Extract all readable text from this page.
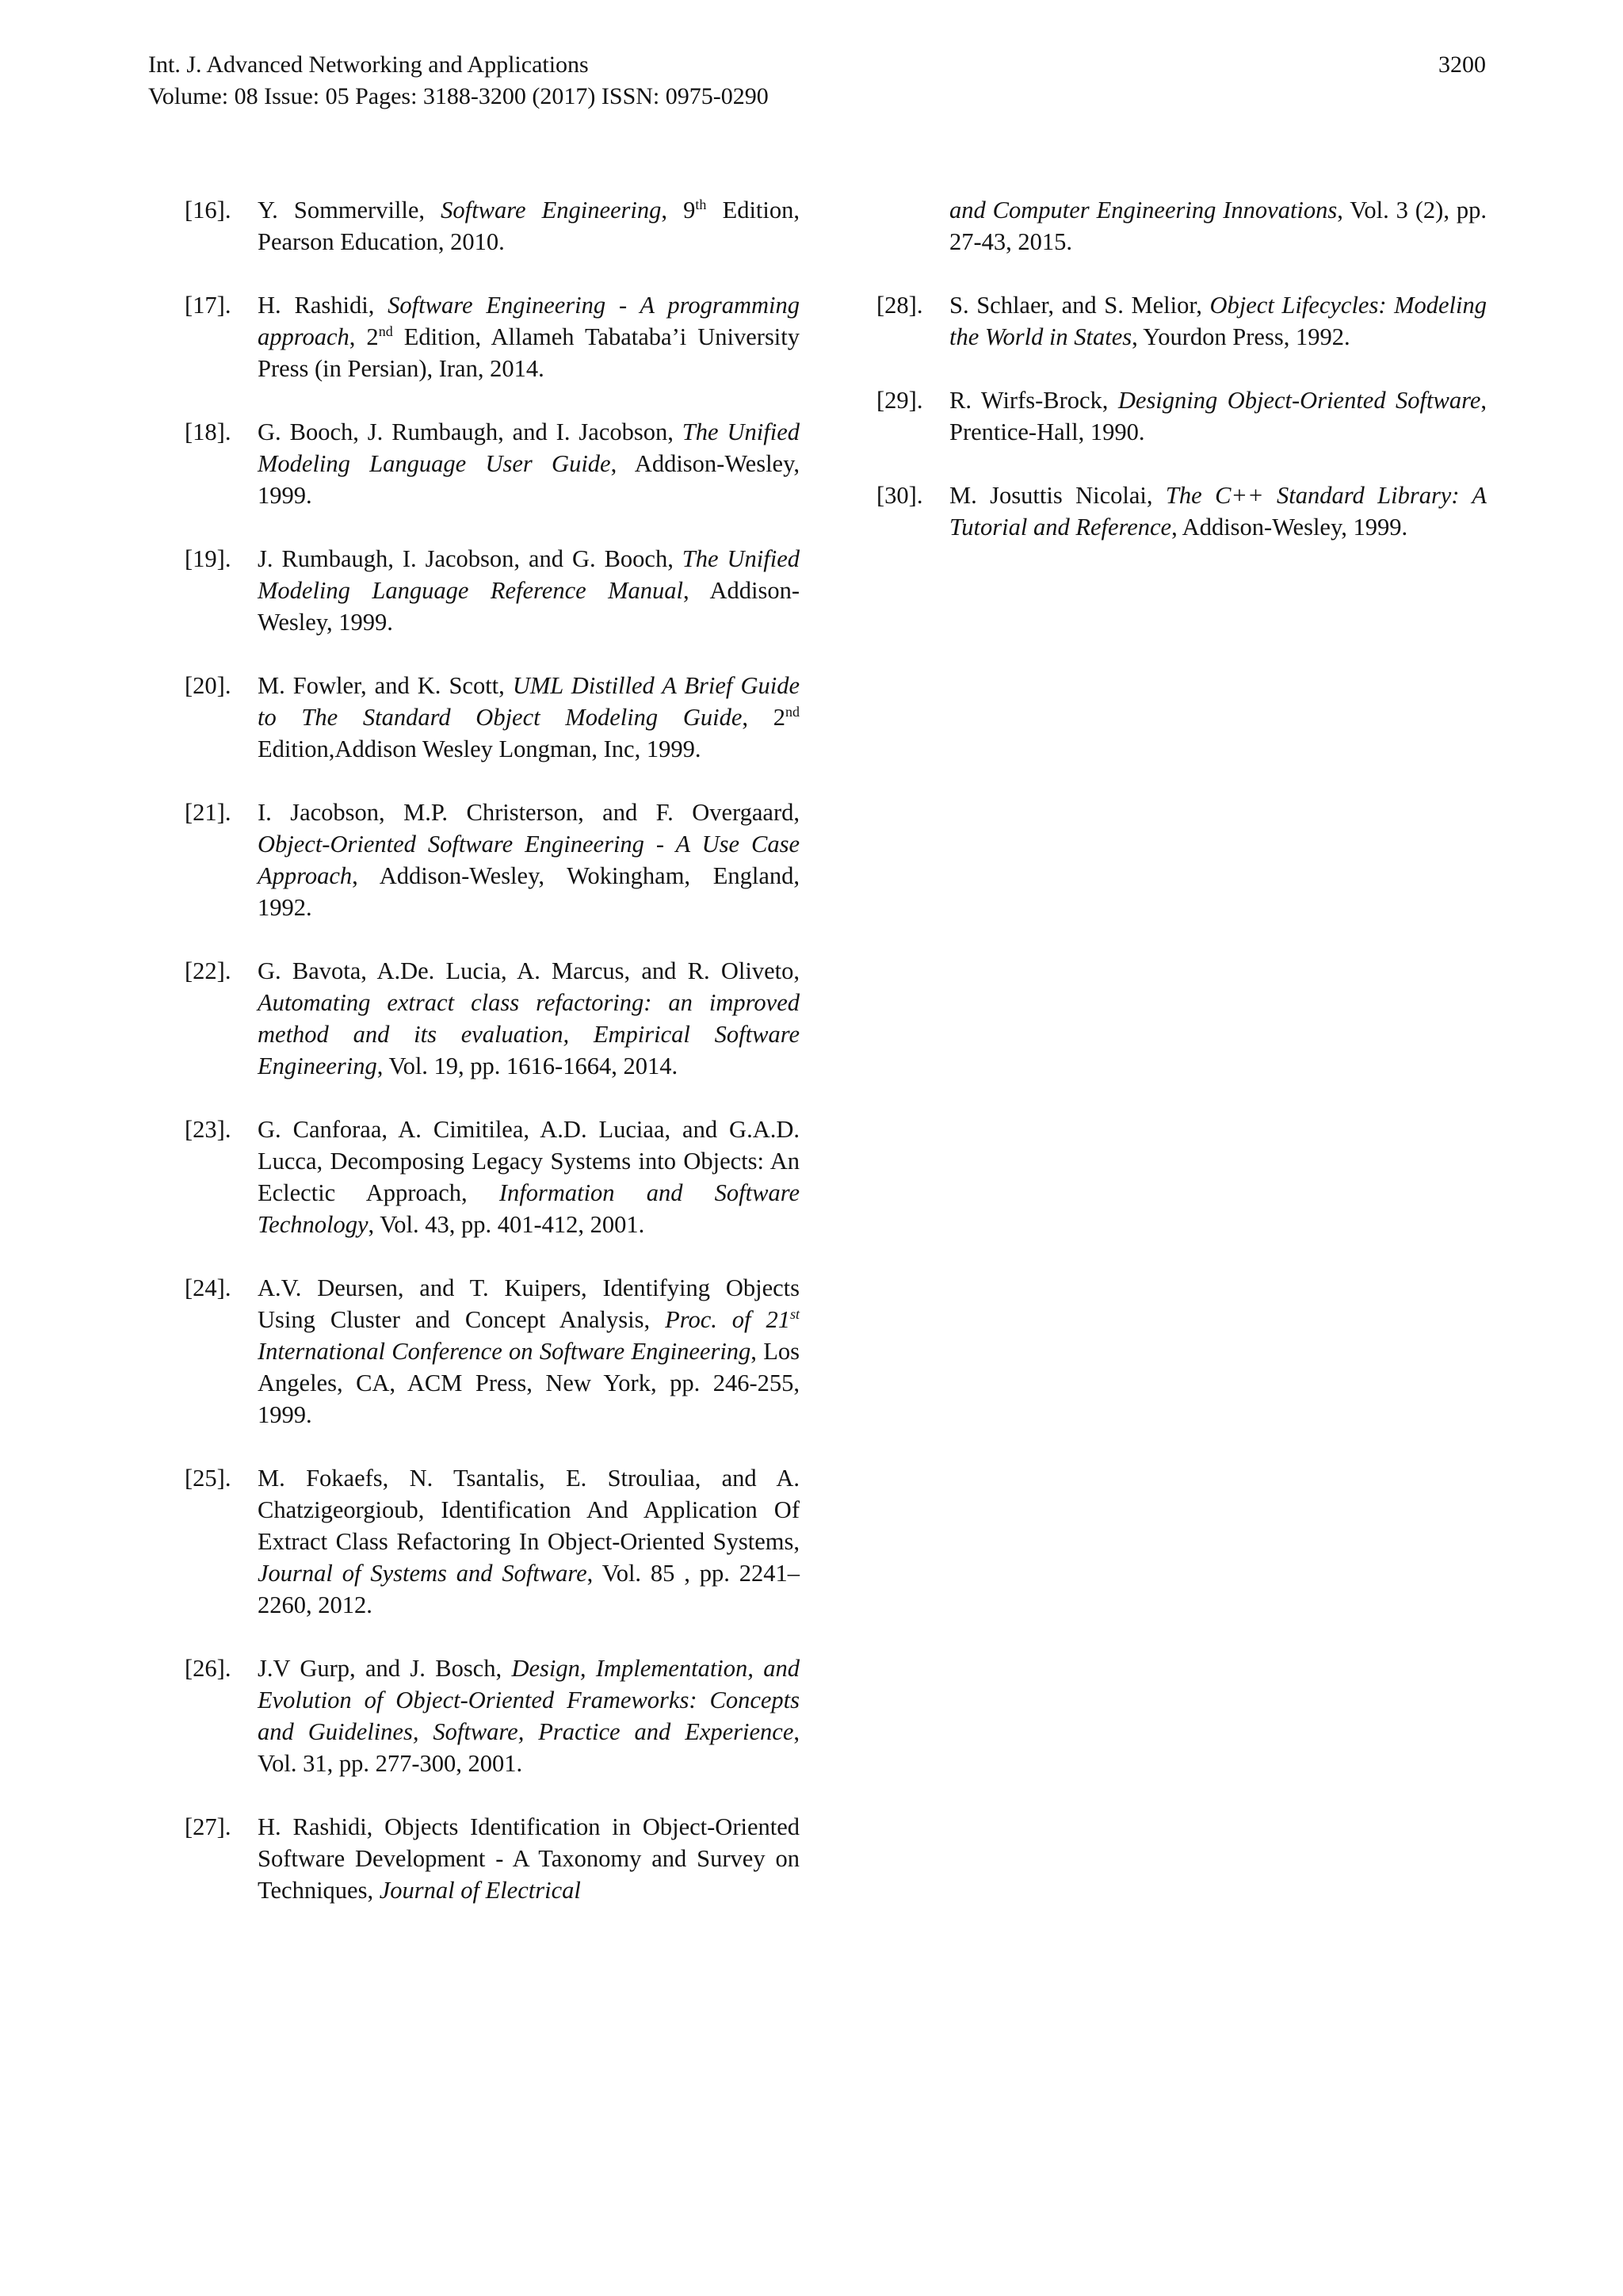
Int. J. Advanced Networking and Applications	3200
Volume: 08 Issue: 05 Pages: 3188-3200 (2017) ISSN: 0975-0290
[16]. Y. Sommerville, Software Engineering, 9th Edition, Pearson Education, 2010.
[17]. H. Rashidi, Software Engineering - A programming approach, 2nd Edition, Allameh Tabataba’i University Press (in Persian), Iran, 2014.
[18]. G. Booch, J. Rumbaugh, and I. Jacobson, The Unified Modeling Language User Guide, Addison-Wesley, 1999.
[19]. J. Rumbaugh, I. Jacobson, and G. Booch, The Unified Modeling Language Reference Manual, Addison-Wesley, 1999.
[20]. M. Fowler, and K. Scott, UML Distilled A Brief Guide to The Standard Object Modeling Guide, 2nd Edition,Addison Wesley Longman, Inc, 1999.
[21]. I. Jacobson, M.P. Christerson, and F. Overgaard, Object-Oriented Software Engineering - A Use Case Approach, Addison-Wesley, Wokingham, England, 1992.
[22]. G. Bavota, A.De. Lucia, A. Marcus, and R. Oliveto, Automating extract class refactoring: an improved method and its evaluation, Empirical Software Engineering, Vol. 19, pp. 1616-1664, 2014.
[23]. G. Canforaa, A. Cimitilea, A.D. Luciaa, and G.A.D. Lucca, Decomposing Legacy Systems into Objects: An Eclectic Approach, Information and Software Technology, Vol. 43, pp. 401-412, 2001.
[24]. A.V. Deursen, and T. Kuipers, Identifying Objects Using Cluster and Concept Analysis, Proc. of 21st International Conference on Software Engineering, Los Angeles, CA, ACM Press, New York, pp. 246-255, 1999.
[25]. M. Fokaefs, N. Tsantalis, E. Strouliaa, and A. Chatzigeorgioub, Identification And Application Of Extract Class Refactoring In Object-Oriented Systems, Journal of Systems and Software, Vol. 85 , pp. 2241–2260, 2012.
[26]. J.V Gurp, and J. Bosch, Design, Implementation, and Evolution of Object-Oriented Frameworks: Concepts and Guidelines, Software, Practice and Experience, Vol. 31, pp. 277-300, 2001.
[27]. H. Rashidi, Objects Identification in Object-Oriented Software Development - A Taxonomy and Survey on Techniques, Journal of Electrical
and Computer Engineering Innovations, Vol. 3 (2), pp. 27-43, 2015.
[28]. S. Schlaer, and S. Melior, Object Lifecycles: Modeling the World in States, Yourdon Press, 1992.
[29]. R. Wirfs-Brock, Designing Object-Oriented Software, Prentice-Hall, 1990.
[30]. M. Josuttis Nicolai, The C++ Standard Library: A Tutorial and Reference, Addison-Wesley, 1999.
